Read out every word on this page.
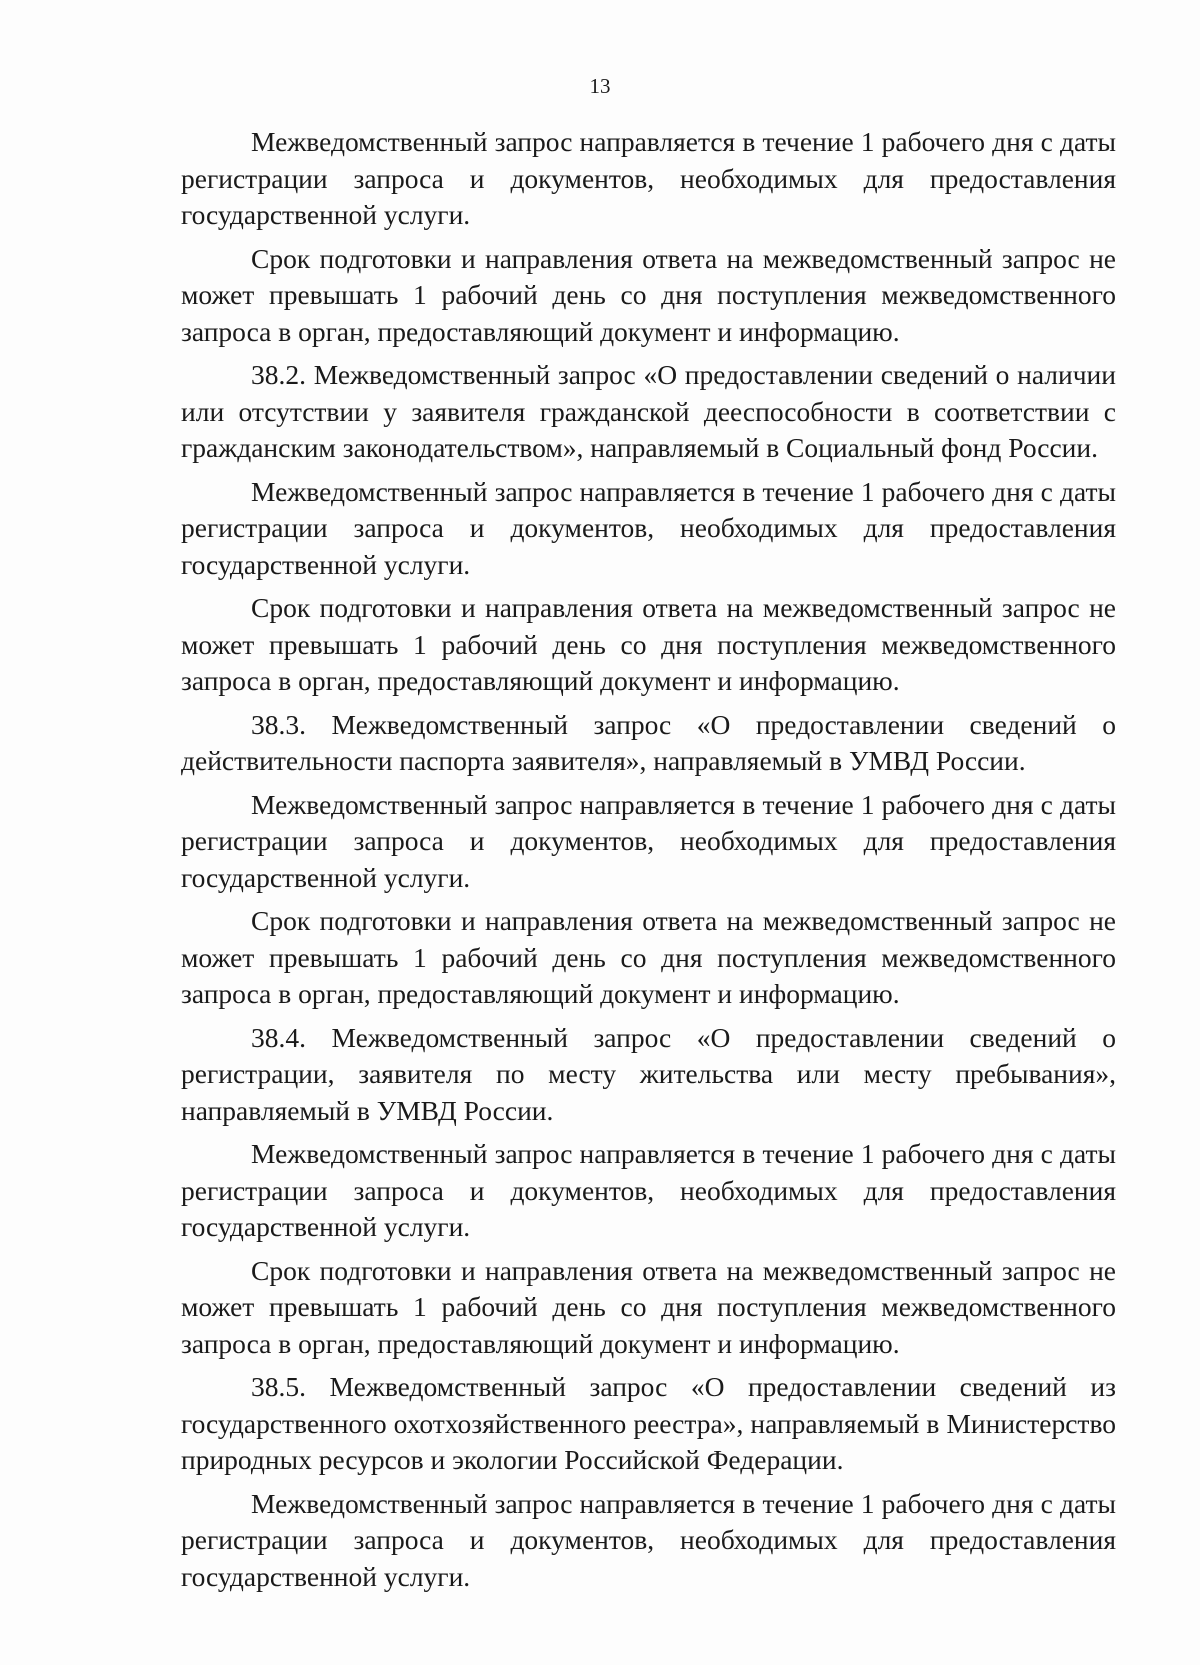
13

Межведомственный запрос направляется в течение 1 рабочего дня с даты регистрации запроса и документов, необходимых для предоставления государственной услуги.

Срок подготовки и направления ответа на межведомственный запрос не может превышать 1 рабочий день со дня поступления межведомственного запроса в орган, предоставляющий документ и информацию.

38.2. Межведомственный запрос «О предоставлении сведений о наличии или отсутствии у заявителя гражданской дееспособности в соответствии с гражданским законодательством», направляемый в Социальный фонд России.

Межведомственный запрос направляется в течение 1 рабочего дня с даты регистрации запроса и документов, необходимых для предоставления государственной услуги.

Срок подготовки и направления ответа на межведомственный запрос не может превышать 1 рабочий день со дня поступления межведомственного запроса в орган, предоставляющий документ и информацию.

38.3. Межведомственный запрос «О предоставлении сведений о действительности паспорта заявителя», направляемый в УМВД России.

Межведомственный запрос направляется в течение 1 рабочего дня с даты регистрации запроса и документов, необходимых для предоставления государственной услуги.

Срок подготовки и направления ответа на межведомственный запрос не может превышать 1 рабочий день со дня поступления межведомственного запроса в орган, предоставляющий документ и информацию.

38.4. Межведомственный запрос «О предоставлении сведений о регистрации, заявителя по месту жительства или месту пребывания», направляемый в УМВД России.

Межведомственный запрос направляется в течение 1 рабочего дня с даты регистрации запроса и документов, необходимых для предоставления государственной услуги.

Срок подготовки и направления ответа на межведомственный запрос не может превышать 1 рабочий день со дня поступления межведомственного запроса в орган, предоставляющий документ и информацию.

38.5. Межведомственный запрос «О предоставлении сведений из государственного охотхозяйственного реестра», направляемый в Министерство природных ресурсов и экологии Российской Федерации.

Межведомственный запрос направляется в течение 1 рабочего дня с даты регистрации запроса и документов, необходимых для предоставления государственной услуги.
